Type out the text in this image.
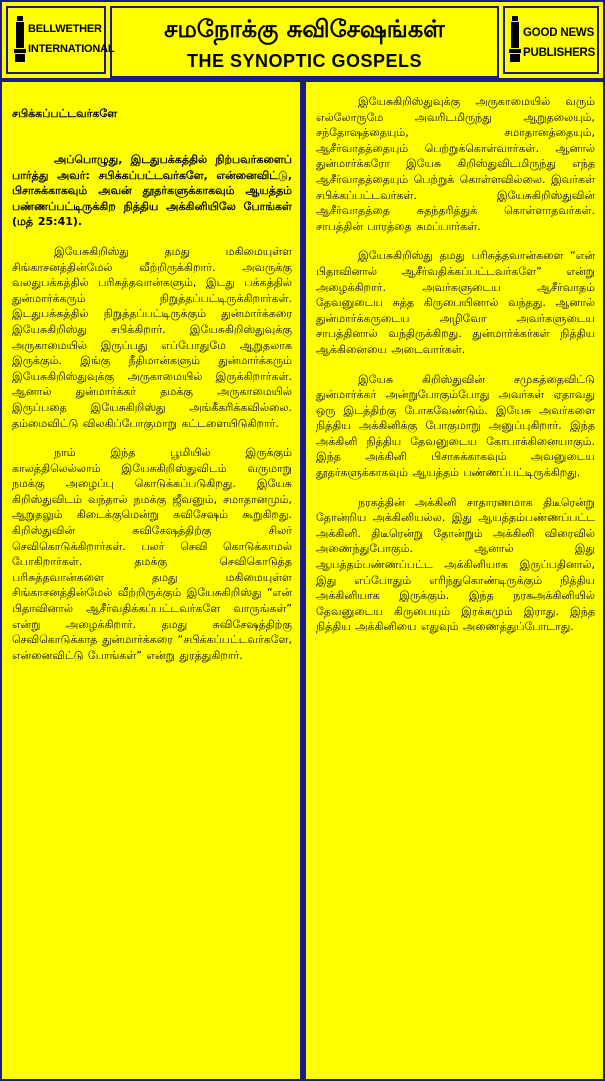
BELLWETHER
INTERNATIONAL
சமநோக்கு சுவிசேஷங்கள்
THE SYNOPTIC GOSPELS
GOOD NEWS
PUBLISHERS
சபிக்கப்பட்டவர்களே

அப்பொழுது, இடதுபக்கத்தில் நிற்பவர்களைப் பார்த்து அவர்: சபிக்கப்பட்டவர்களே, என்னைவிட்டு, பிசாசுக்காகவும் அவன் தூதர்களுக்காகவும் ஆயத்தம் பண்ணப்பட்டிருக்கிற நித்திய அக்கினியிலே போங்கள் (மத் 25:41).

இயேசுகிறிஸ்து தமது மகிமையுள்ள சிங்காசனத்தின்மேல் வீற்றிருக்கிறார். அவருக்கு வலதுபக்கத்தில் பரிசுத்தவான்களும், இடது பக்கத்தில் துன்மார்க்கரும் நிறுத்தப்பட்டிருக்கிறார்கள். இடதுபக்கத்தில் நிறுத்தப்பட்டிருக்கும் துன்மார்க்கரை இயேசுகிறிஸ்து சபிக்கிறார். இயேசுகிறிஸ்துவுக்கு அருகாமையில் இருப்பது எப்போதுமே ஆறுதலாக இருக்கும். இங்கு நீதிமான்களும் துன்மார்க்கரும் இயேசுகிறிஸ்துவுக்கு அருகாமையில் இருக்கிறார்கள். ஆனால் துன்மார்க்கர் தமக்கு அருகாமையில் இருப்பதை இயேசுகிறிஸ்து அங்கீகரிக்கவில்லை. தம்மைவிட்டு விலகிப்போகுமாறு கட்டளையிடுகிறார்.

நாம் இந்த பூமியில் இருக்கும் காலத்திலெல்லாம் இயேசுகிறிஸ்துவிடம் வருமாறு நமக்கு அழைப்பு கொடுக்கப்படுகிறது. இயேசு கிறிஸ்துவிடம் வந்தால் நமக்கு ஜீவனும், சமாதானமும், ஆறுதலும் கிடைக்குமென்று சுவிசேஷம் கூறுகிறது. கிறிஸ்துவின் சுவிசேஷத்திற்கு சிலர் செவிகொடுக்கிறார்கள். பலர் செவி கொடுக்காமல் போகிறார்கள். தமக்கு செவிகொடுத்த பரிசுத்தவான்களை தமது மகிமையுள்ள சிங்காசனத்தின்மேல் வீற்றிருக்கும் இயேசுகிறிஸ்து “என் பிதாவினால் ஆசீர்வதிக்கப்பட்டவர்களே வாருங்கள்” என்று அழைக்கிறார். தமது சுவிசேஷத்திற்கு செவிகொடுக்காத துன்மார்க்கரை “சபிக்கப்பட்டவர்களே, என்னைவிட்டு போங்கள்” என்று துரத்துகிறார்.

இயேசுகிறிஸ்துவுக்கு அருகாமையில் வரும் எல்லோருமே அவரிடமிருந்து ஆறுதலையும், சந்தோஷத்தையும், சமாதானத்தையும், ஆசீர்வாதத்தையும் பெற்றுக்கொள்வார்கள். ஆனால் துன்மார்க்கரோ இயேசு கிறிஸ்துவிடமிருந்து எந்த ஆசீர்வாதத்தையும் பெற்றுக் கொள்ளவில்லை. இவர்கள் சபிக்கப்பட்டவர்கள். இயேசுகிறிஸ்துவின் ஆசீர்வாதத்தை சுதந்தரித்துக் கொள்ளாதவர்கள். சாபத்தின் பாரத்தை சுமப்பார்கள்.

இயேசுகிறிஸ்து தமது பரிசுத்தவான்களை “என் பிதாவினால் ஆசீர்வதிக்கப்பட்டவர்களே” என்று அழைக்கிறார். அவர்களுடைய ஆசீர்வாதம் தேவனுடைய சுத்த கிருபையினால் வந்தது. ஆனால் துன்மார்க்கருடைய அழிவோ அவர்களுடைய சாபத்தினால் வந்திருக்கிறது. துன்மார்க்கர்கள் நித்திய ஆக்கினையை அடைவார்கள்.

இயேசு கிறிஸ்துவின் சமுகத்தைவிட்டு துன்மார்க்கர் அன்றுபோகும்போது அவர்கள் ஏதாவது ஒரு இடத்திற்கு போகவேண்டும். இயேசு அவர்களை நித்திய அக்கினிக்கு போகுமாறு அனுப்புகிறார். இந்த அக்கினி நித்திய தேவனுடைய கோபாக்கினையாகும். இந்த அக்கினி பிசாசுக்காகவும் அவனுடைய தூதர்களுக்காகவும் ஆயத்தம் பண்ணப்பட்டிருக்கிறது.

நரகத்தின் அக்கினி சாதாரணமாக திடீரென்று தோன்றிய அக்கினியல்ல. இது ஆயத்தம்பண்ணப்பட்ட அக்கினி. திடீரென்று தோன்றும் அக்கினி விரைவில் அணைந்துபோகும். ஆனால் இது ஆயத்தம்பண்ணப்பட்ட அக்கினியாக இருப்பதினால், இது எப்போதும் எரிந்துகொண்டிருக்கும் நித்திய அக்கினியாக இருக்கும். இந்த நரகஅக்கினியில் தேவனுடைய கிருபையும் இரக்கமும் இராது. இந்த நித்திய அக்கினியை எதுவும் அணைத்துப்போடாது.
